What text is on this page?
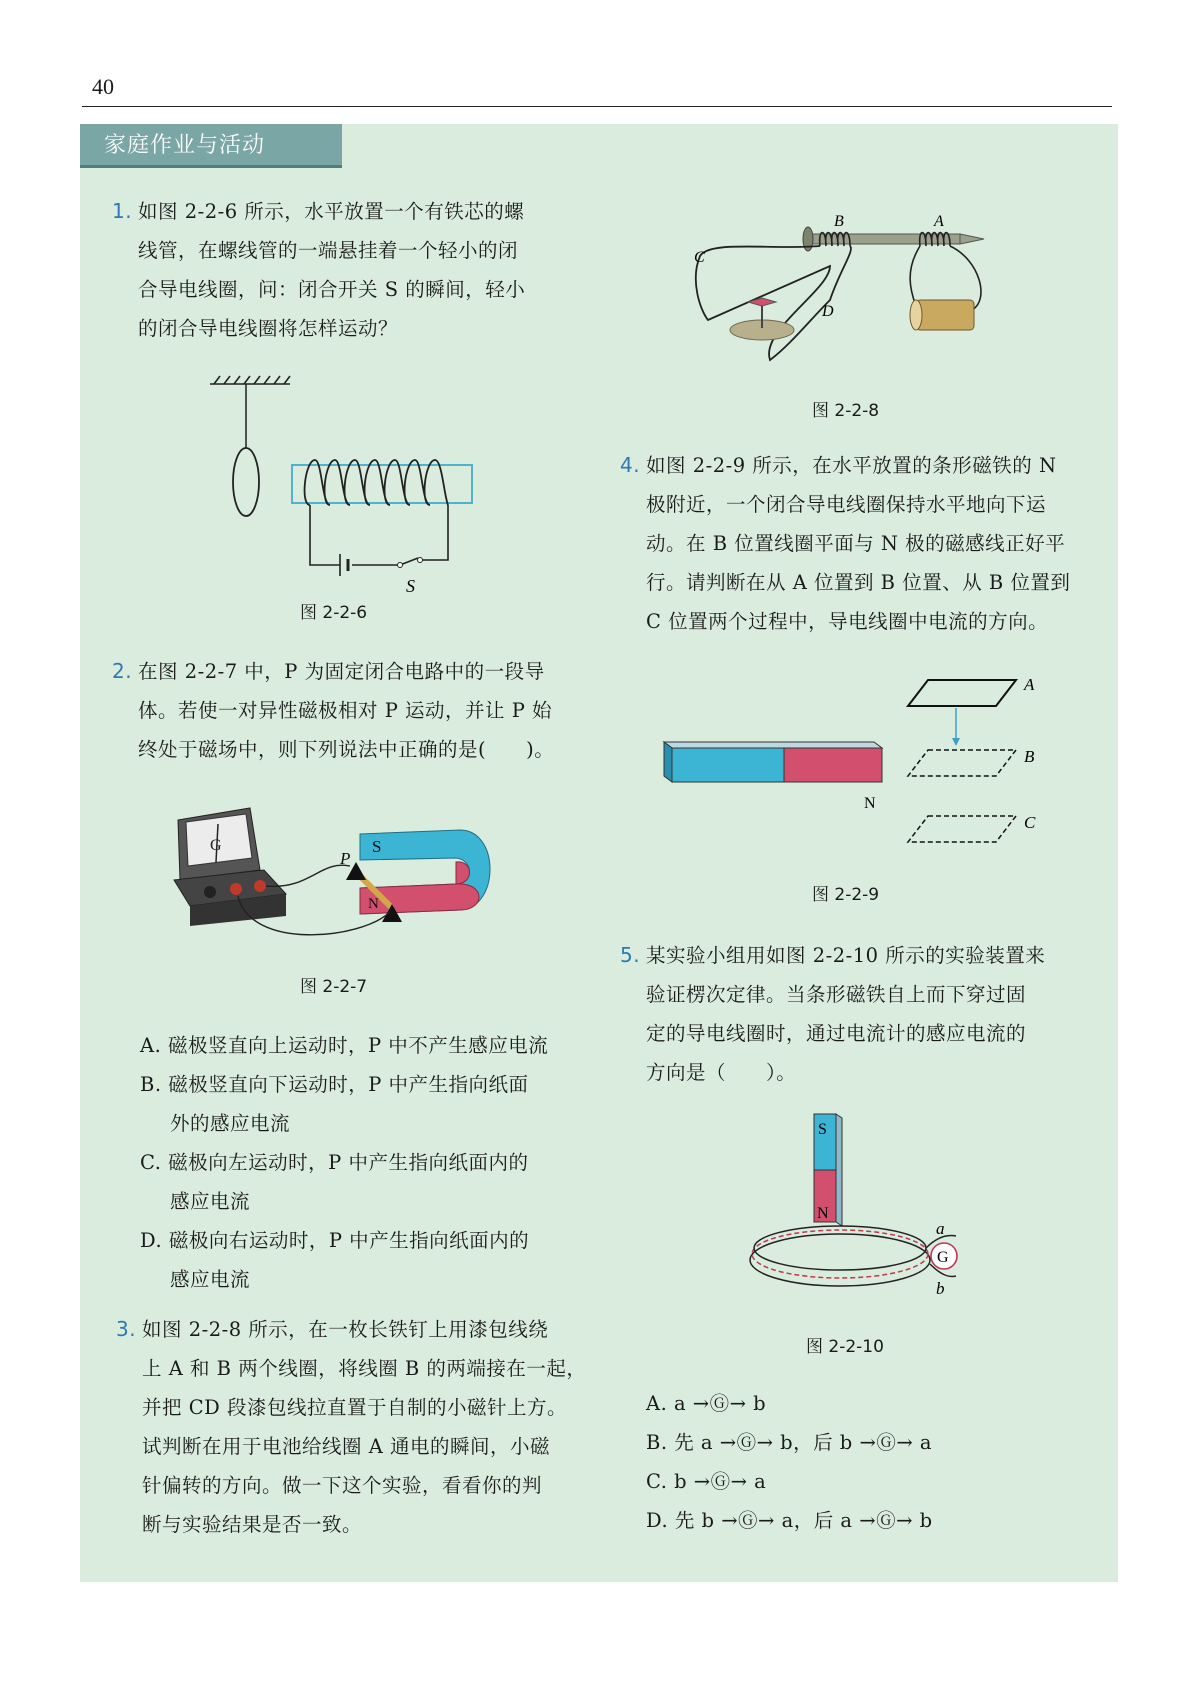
40
家庭作业与活动
1. 如图 2-2-6 所示，水平放置一个有铁芯的螺
线管，在螺线管的一端悬挂着一个轻小的闭
合导电线圈，问：闭合开关 S 的瞬间，轻小
的闭合导电线圈将怎样运动？
S
图 2-2-6
2. 在图 2-2-7 中，P 为固定闭合电路中的一段导
体。若使一对异性磁极相对 P 运动，并让 P 始
终处于磁场中，则下列说法中正确的是(　　)。
G	S
N
P
图 2-2-7
A. 磁极竖直向上运动时，P 中不产生感应电流
B. 磁极竖直向下运动时，P 中产生指向纸面
外的感应电流
C. 磁极向左运动时，P 中产生指向纸面内的
感应电流
D. 磁极向右运动时，P 中产生指向纸面内的
感应电流
3. 如图 2-2-8 所示，在一枚长铁钉上用漆包线绕
上 A 和 B 两个线圈，将线圈 B 的两端接在一起，
并把 CD 段漆包线拉直置于自制的小磁针上方。
试判断在用于电池给线圈 A 通电的瞬间，小磁
针偏转的方向。做一下这个实验，看看你的判
断与实验结果是否一致。
B	A
C
D
图 2-2-8
4. 如图 2-2-9 所示，在水平放置的条形磁铁的 N
极附近，一个闭合导电线圈保持水平地向下运
动。在 B 位置线圈平面与 N 极的磁感线正好平
行。请判断在从 A 位置到 B 位置、从 B 位置到
C 位置两个过程中，导电线圈中电流的方向。
N
A
B
C
图 2-2-9
5. 某实验小组用如图 2-2-10 所示的实验装置来
验证楞次定律。当条形磁铁自上而下穿过固
定的导电线圈时，通过电流计的感应电流的
方向是（　　）。
S
N
G
a
b
图 2-2-10
A. a →Ⓖ→ b
B. 先 a →Ⓖ→ b，后 b →Ⓖ→ a
C. b →Ⓖ→ a
D. 先 b →Ⓖ→ a，后 a →Ⓖ→ b
